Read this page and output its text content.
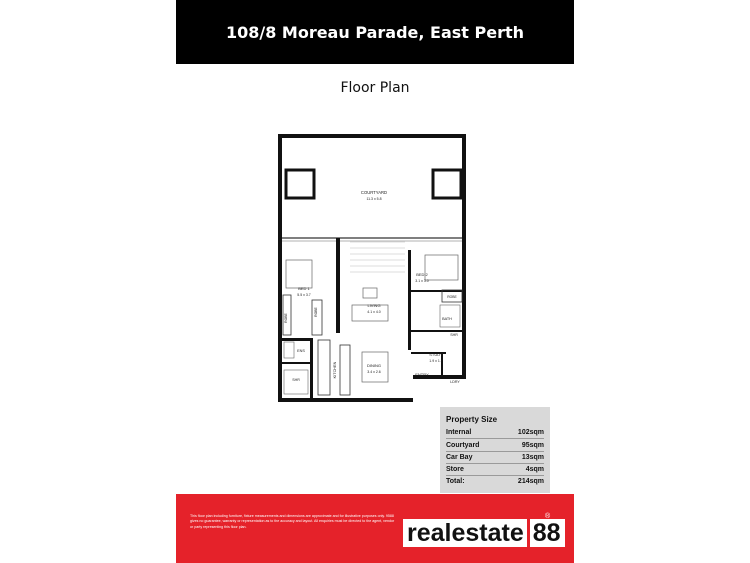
108/8 Moreau Parade, East Perth
Floor Plan
COURTYARD
11.3 x 5.8
BED 1
5.5 x 3.7
BED 2
3.1 x 3.0
LIVING
4.1 x 4.0
DINING
3.4 x 2.6
KITCHEN
STUDY
1.9 x 1.7
ENTRY
BATH
ENS
ROBE
ROBE
ROBE
SHR
SHR
LDRY
Property Size
Internal	102sqm
Courtyard	95sqm
Car Bay	13sqm
Store	4sqm
Total:	214sqm
This floor plan including furniture, fixture measurements and dimensions are approximate and for illustrative purposes only. 9588 gives no guarantee, warranty or representation as to the accuracy and layout. All enquiries must be directed to the agent, vendor or party representing this floor plan.	realestate 88
®
